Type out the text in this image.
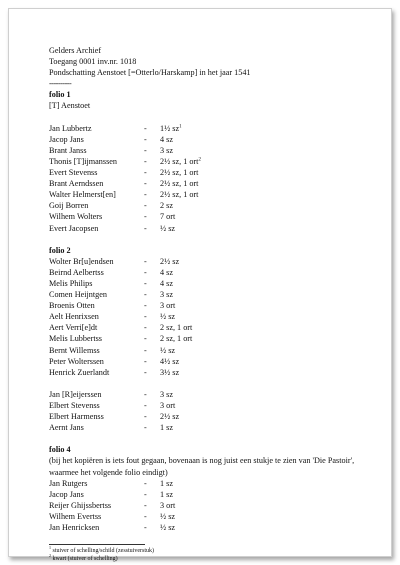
Gelders Archief
Toegang 0001 inv.nr. 1018
Pondschatting Aenstoet [=Otterlo/Harskamp] in het jaar 1541
----------
folio 1
[T] Aenstoet
Jan Lubbertz	-	1½ $sz^1$
Jacop Jans	-	4 sz
Brant Janss	-	3 sz
Thonis [T]ijmanssen	-	2½ sz, 1 ort$^2$
Evert Stevenss	-	2½ sz, 1 ort
Brant Aerndssen	-	2½ sz, 1 ort
Walter Helmerst[en]	-	2½ sz, 1 ort
Goij Borren	-	2 sz
Wilhem Wolters	-	7 ort
Evert Jacopsen	-	½ sz
folio 2
Wolter Br[u]endsen	-	2½ sz
Beirnd Aelbertss	-	4 sz
Melis Philips	-	4 sz
Comen Heijntgen	-	3 sz
Broenis Otten	-	3 ort
Aelt Henrixsen	-	½ sz
Aert Verri[e]dt	-	2 sz, 1 ort
Melis Lubbertss	-	2 sz, 1 ort
Bernt Willemss	-	½ sz
Peter Wolterssen	-	4½ sz
Henrick Zuerlandt	-	3½ sz
Jan [R]eijerssen	-	3 sz
Elbert Stevenss	-	3 ort
Elbert Harmenss	-	2½ sz
Aernt Jans	-	1 sz
folio 4
(bij het kopiëren is iets fout gegaan, bovenaan is nog juist een stukje te zien van 'Die Pastoir', waarmee het volgende folio eindigt)
Jan Rutgers	-	1 sz
Jacop Jans	-	1 sz
Reijer Ghijssbertss	-	3 ort
Wilhem Evertss	-	½ sz
Jan Henricksen	-	½ sz
$^1$ stuiver of schelling/schild (zesstuiverstuk)
$^2$ kwart (stuiver of schelling)
